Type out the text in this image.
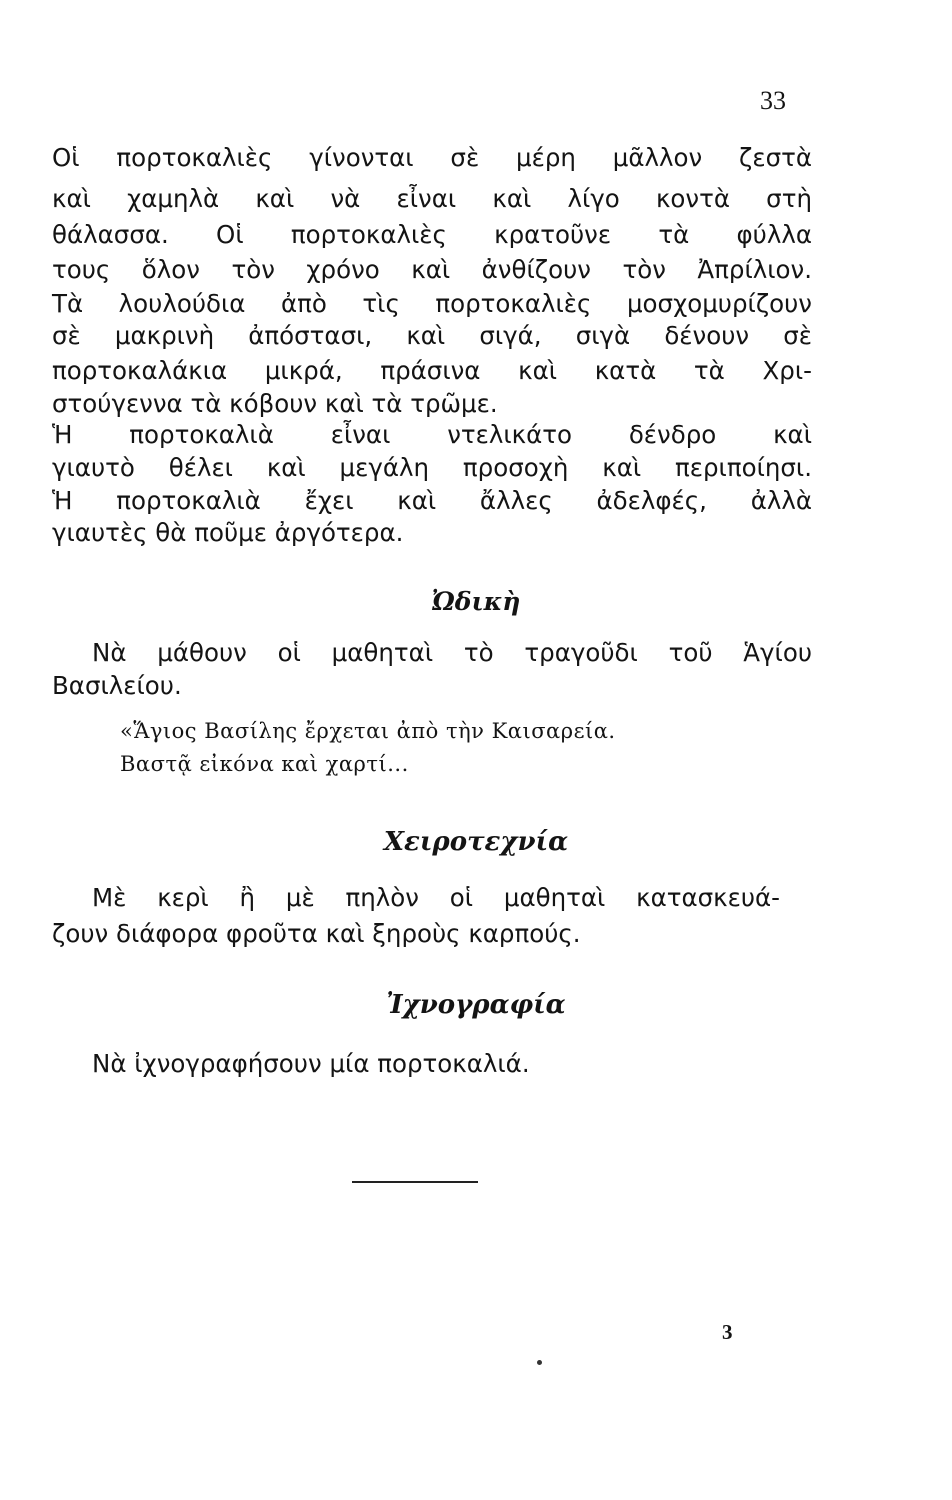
33
Οἱ πορτοκαλιὲς γίνονται σὲ μέρη μᾶλλον ζεστὰ
καὶ χαμηλὰ καὶ νὰ εἶναι καὶ λίγο κοντὰ στὴ
θάλασσα. Οἱ πορτοκαλιὲς κρατοῦνε τὰ φύλλα
τους ὅλον τὸν χρόνο καὶ ἀνθίζουν τὸν Ἀπρίλιον.
Τὰ λουλούδια ἀπὸ τὶς πορτοκαλιὲς μοσχομυρίζουν
σὲ μακρινὴ ἀπόστασι, καὶ σιγά, σιγὰ δένουν σὲ
πορτοκαλάκια μικρά, πράσινα καὶ κατὰ τὰ Χρι-
στούγεννα τὰ κόβουν καὶ τὰ τρῶμε.
Ἡ πορτοκαλιὰ εἶναι ντελικάτο δένδρο καὶ
γιαυτὸ θέλει καὶ μεγάλη προσοχὴ καὶ περιποίησι.
Ἡ πορτοκαλιὰ ἔχει καὶ ἄλλες ἀδελφές, ἀλλὰ
γιαυτὲς θὰ ποῦμε ἀργότερα.
Ὠδικὴ
Νὰ μάθουν οἱ μαθηταὶ τὸ τραγοῦδι τοῦ Ἁγίου
Βασιλείου.
«Ἅγιος Βασίλης ἔρχεται ἀπὸ τὴν Καισαρεία.
Βαστᾷ εἰκόνα καὶ χαρτί...
Χειροτεχνία
Μὲ κερὶ ἢ μὲ πηλὸν οἱ μαθηταὶ κατασκευά-
ζουν διάφορα φροῦτα καὶ ξηροὺς καρπούς.
Ἰχνογραφία
Νὰ ἰχνογραφήσουν μία πορτοκαλιά.
3
